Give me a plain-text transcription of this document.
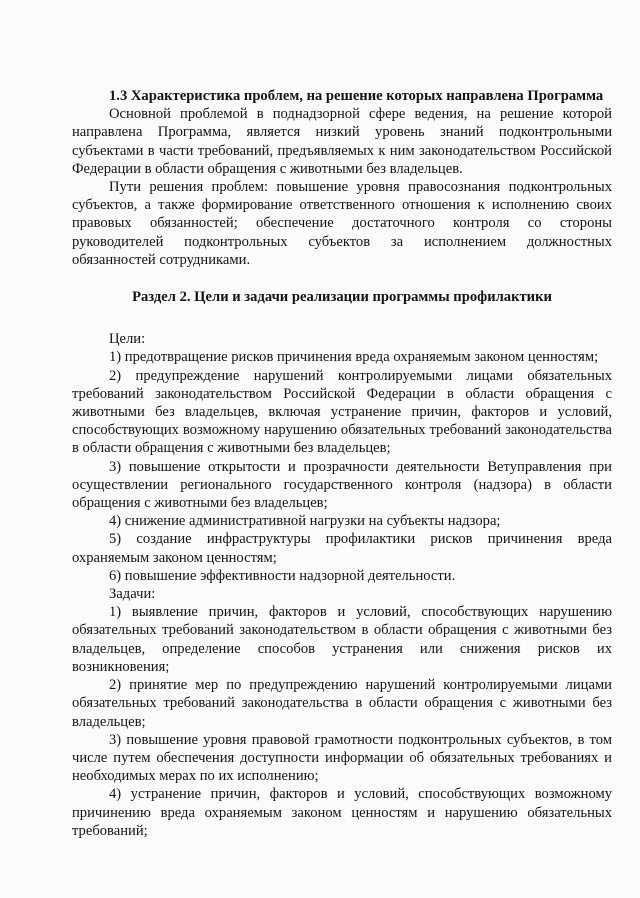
1.3 Характеристика проблем, на решение которых направлена Программа

Основной проблемой в поднадзорной сфере ведения, на решение которой направлена Программа, является низкий уровень знаний подконтрольными субъектами в части требований, предъявляемых к ним законодательством Российской Федерации в области обращения с животными без владельцев.

Пути решения проблем: повышение уровня правосознания подконтрольных субъектов, а также формирование ответственного отношения к исполнению своих правовых обязанностей; обеспечение достаточного контроля со стороны руководителей подконтрольных субъектов за исполнением должностных обязанностей сотрудниками.

Раздел 2. Цели и задачи реализации программы профилактики

Цели:

1) предотвращение рисков причинения вреда охраняемым законом ценностям;

2) предупреждение нарушений контролируемыми лицами обязательных требований законодательством Российской Федерации в области обращения с животными без владельцев, включая устранение причин, факторов и условий, способствующих возможному нарушению обязательных требований законодательства в области обращения с животными без владельцев;

3) повышение открытости и прозрачности деятельности Ветуправления при осуществлении регионального государственного контроля (надзора) в области обращения с животными без владельцев;

4) снижение административной нагрузки на субъекты надзора;

5) создание инфраструктуры профилактики рисков причинения вреда охраняемым законом ценностям;

6) повышение эффективности надзорной деятельности.

Задачи:

1) выявление причин, факторов и условий, способствующих нарушению обязательных требований законодательством в области обращения с животными без владельцев, определение способов устранения или снижения рисков их возникновения;

2) принятие мер по предупреждению нарушений контролируемыми лицами обязательных требований законодательства в области обращения с животными без владельцев;

3) повышение уровня правовой грамотности подконтрольных субъектов, в том числе путем обеспечения доступности информации об обязательных требованиях и необходимых мерах по их исполнению;

4) устранение причин, факторов и условий, способствующих возможному причинению вреда охраняемым законом ценностям и нарушению обязательных требований;
